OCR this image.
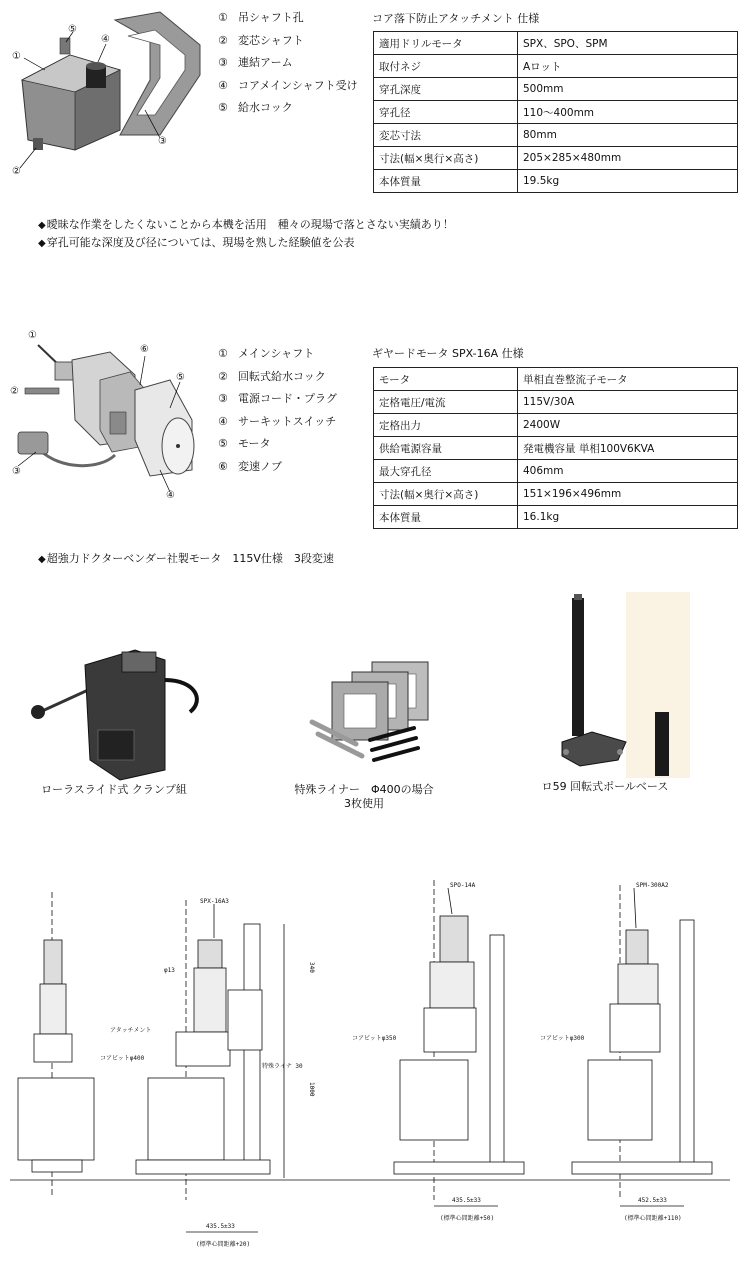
①
⑤
④
②
③
① 吊シャフト孔
② 変芯シャフト
③ 連結アーム
④ コアメインシャフト受け
⑤ 給水コック
コア落下防止アタッチメント 仕様
適用ドリルモータ	SPX、SPO、SPM
取付ネジ	Aロット
穿孔深度	500mm
穿孔径	110～400mm
変芯寸法	80mm
寸法(幅×奥行×高さ)	205×285×480mm
本体質量	19.5kg
◆曖昧な作業をしたくないことから本機を活用　種々の現場で落とさない実績あり！
◆穿孔可能な深度及び径については、現場を熟した経験値を公表
①
②
③
④
⑤
⑥	① メインシャフト
② 回転式給水コック
③ 電源コード・プラグ
④ サーキットスイッチ
⑤ モータ
⑥ 変速ノブ
ギヤードモータ SPX-16A 仕様
モータ	単相直巻整流子モータ
定格電圧/電流	115V/30A
定格出力	2400W
供給電源容量	発電機容量 単相100V6KVA
最大穿孔径	406mm
寸法(幅×奥行×高さ)	151×196×496mm
本体質量	16.1kg
◆超強力ドクターベンダー社製モータ　115V仕様　3段変速
ローラスライド式 クランプ組	特殊ライナー　Φ400の場合
3枚使用
ロ59 回転式ポールベース
SPX-16A3
SPO-14A	SPM-300A2
アタッチメント
コアビットφ400
コアビットφ350	コアビットφ300
特殊ライナ 30
φ13	340
1000
435.5±33
(標準心間距離+20)
435.5±33
(標準心間距離+50)
452.5±33
(標準心間距離+110)
